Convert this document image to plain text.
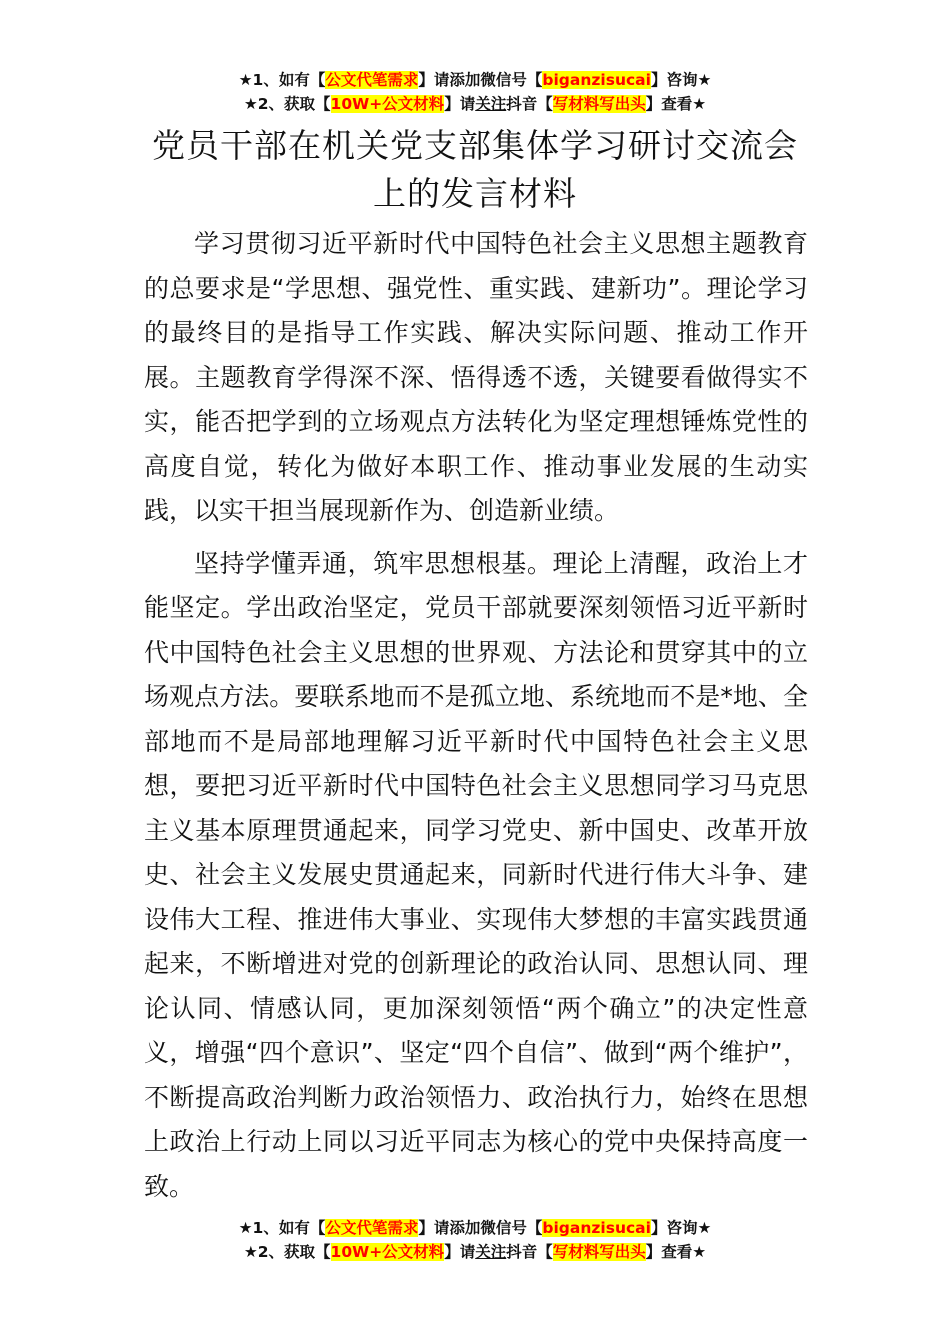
★1、如有【公文代笔需求】请添加微信号【biganzisucai】咨询★
★2、获取【10W+公文材料】请关注抖音【写材料写出头】查看★
党员干部在机关党支部集体学习研讨交流会上的发言材料

学习贯彻习近平新时代中国特色社会主义思想主题教育的总要求是“学思想、强党性、重实践、建新功”。理论学习的最终目的是指导工作实践、解决实际问题、推动工作开展。主题教育学得深不深、悟得透不透，关键要看做得实不实，能否把学到的立场观点方法转化为坚定理想锤炼党性的高度自觉，转化为做好本职工作、推动事业发展的生动实践，以实干担当展现新作为、创造新业绩。

坚持学懂弄通，筑牢思想根基。理论上清醒，政治上才能坚定。学出政治坚定，党员干部就要深刻领悟习近平新时代中国特色社会主义思想的世界观、方法论和贯穿其中的立场观点方法。要联系地而不是孤立地、系统地而不是*地、全部地而不是局部地理解习近平新时代中国特色社会主义思想，要把习近平新时代中国特色社会主义思想同学习马克思主义基本原理贯通起来，同学习党史、新中国史、改革开放史、社会主义发展史贯通起来，同新时代进行伟大斗争、建设伟大工程、推进伟大事业、实现伟大梦想的丰富实践贯通起来，不断增进对党的创新理论的政治认同、思想认同、理论认同、情感认同，更加深刻领悟“两个确立”的决定性意义，增强“四个意识”、坚定“四个自信”、做到“两个维护”，不断提高政治判断力政治领悟力、政治执行力，始终在思想上政治上行动上同以习近平同志为核心的党中央保持高度一致。

★1、如有【公文代笔需求】请添加微信号【biganzisucai】咨询★
★2、获取【10W+公文材料】请关注抖音【写材料写出头】查看★
